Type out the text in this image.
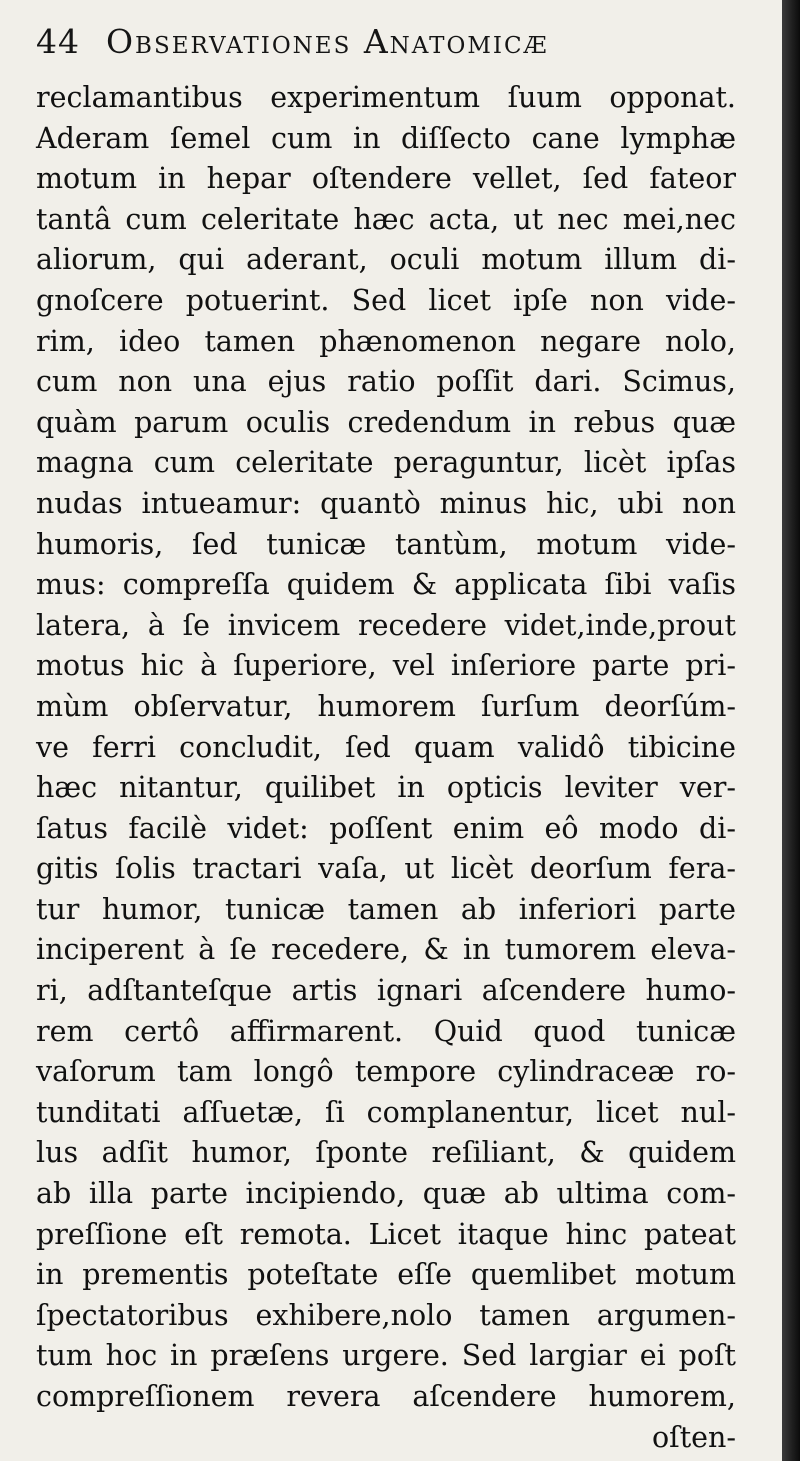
44 Observationes Anatomicæ
reclamantibus experimentum ſuum opponat.
Aderam ſemel cum in diſſecto cane lymphæ
motum in hepar oſtendere vellet, ſed fateor
tantâ cum celeritate hæc acta, ut nec mei,nec
aliorum, qui aderant, oculi motum illum di-
gnoſcere potuerint. Sed licet ipſe non vide-
rim, ideo tamen phænomenon negare nolo,
cum non una ejus ratio poſſit dari. Scimus,
quàm parum oculis credendum in rebus quæ
magna cum celeritate peraguntur, licèt ipſas
nudas intueamur: quantò minus hic, ubi non
humoris, ſed tunicæ tantùm, motum vide-
mus: compreſſa quidem & applicata ſibi vaſis
latera, à ſe invicem recedere videt,inde,prout
motus hic à ſuperiore, vel inſeriore parte pri-
mùm obſervatur, humorem ſurſum deorſúm-
ve ferri concludit, ſed quam validô tibicine
hæc nitantur, quilibet in opticis leviter ver-
ſatus facilè videt: poſſent enim eô modo di-
gitis ſolis tractari vaſa, ut licèt deorſum fera-
tur humor, tunicæ tamen ab inferiori parte
inciperent à ſe recedere, & in tumorem eleva-
ri, adſtanteſque artis ignari aſcendere humo-
rem certô affirmarent. Quid quod tunicæ
vaſorum tam longô tempore cylindraceæ ro-
tunditati aſſuetæ, ſi complanentur, licet nul-
lus adſit humor, ſponte reſiliant, & quidem
ab illa parte incipiendo, quæ ab ultima com-
preſſione eſt remota. Licet itaque hinc pateat
in prementis poteſtate eſſe quemlibet motum
ſpectatoribus exhibere,nolo tamen argumen-
tum hoc in præſens urgere. Sed largiar ei poſt
compreſſionem revera aſcendere humorem,
oſten-
